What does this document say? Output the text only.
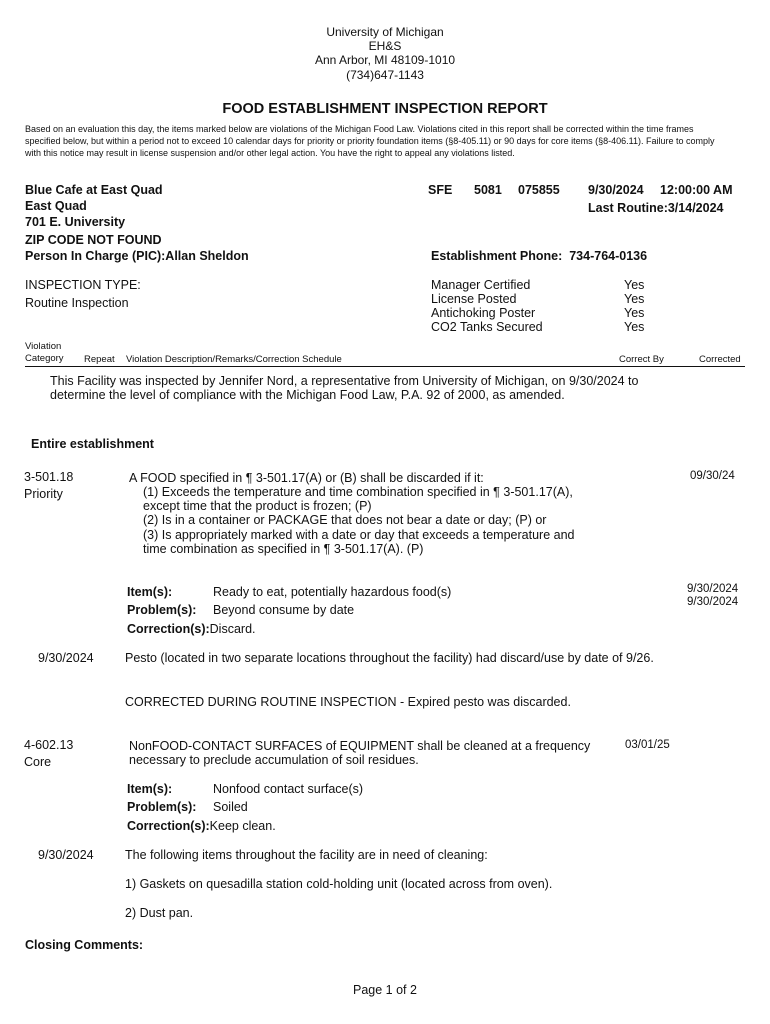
University of Michigan
EH&S
Ann Arbor, MI 48109-1010
(734)647-1143
FOOD ESTABLISHMENT INSPECTION REPORT
Based on an evaluation this day, the items marked below are violations of the Michigan Food Law. Violations cited in this report shall be corrected within the time frames specified below, but within a period not to exceed 10 calendar days for priority or priority foundation items (§8-405.11) or 90 days for core items (§8-406.11). Failure to comply with this notice may result in license suspension and/or other legal action. You have the right to appeal any violations listed.
Blue Cafe at East Quad
East Quad
701 E. University
ZIP CODE NOT FOUND
Person In Charge (PIC):Allan Sheldon
SFE 5081 075855 9/30/2024 12:00:00 AM
Last Routine:3/14/2024
Establishment Phone: 734-764-0136
INSPECTION TYPE:
Routine Inspection
Manager Certified	Yes
License Posted	Yes
Antichoking Poster	Yes
CO2 Tanks Secured	Yes
Violation
Category Repeat Violation Description/Remarks/Correction Schedule	Correct By	Corrected
This Facility was inspected by Jennifer Nord, a representative from University of Michigan, on 9/30/2024 to
determine the level of compliance with the Michigan Food Law, P.A. 92 of 2000, as amended.
Entire establishment
3-501.18
Priority
A FOOD specified in ¶ 3-501.17(A) or (B) shall be discarded if it:
(1) Exceeds the temperature and time combination specified in ¶ 3-501.17(A),
except time that the product is frozen; (P)
(2) Is in a container or PACKAGE that does not bear a date or day; (P) or
(3) Is appropriately marked with a date or day that exceeds a temperature and
time combination as specified in ¶ 3-501.17(A). (P)
09/30/24
Item(s):	Ready to eat, potentially hazardous food(s)
Problem(s): Beyond consume by date
Correction(s):Discard.
9/30/2024
9/30/2024
9/30/2024	Pesto (located in two separate locations throughout the facility) had discard/use by date of 9/26.
CORRECTED DURING ROUTINE INSPECTION - Expired pesto was discarded.
4-602.13
Core
NonFOOD-CONTACT SURFACES of EQUIPMENT shall be cleaned at a frequency
necessary to preclude accumulation of soil residues.
03/01/25
Item(s):	Nonfood contact surface(s)
Problem(s): Soiled
Correction(s):Keep clean.
9/30/2024	The following items throughout the facility are in need of cleaning:
1) Gaskets on quesadilla station cold-holding unit (located across from oven).
2) Dust pan.
Closing Comments:
Page 1 of 2
